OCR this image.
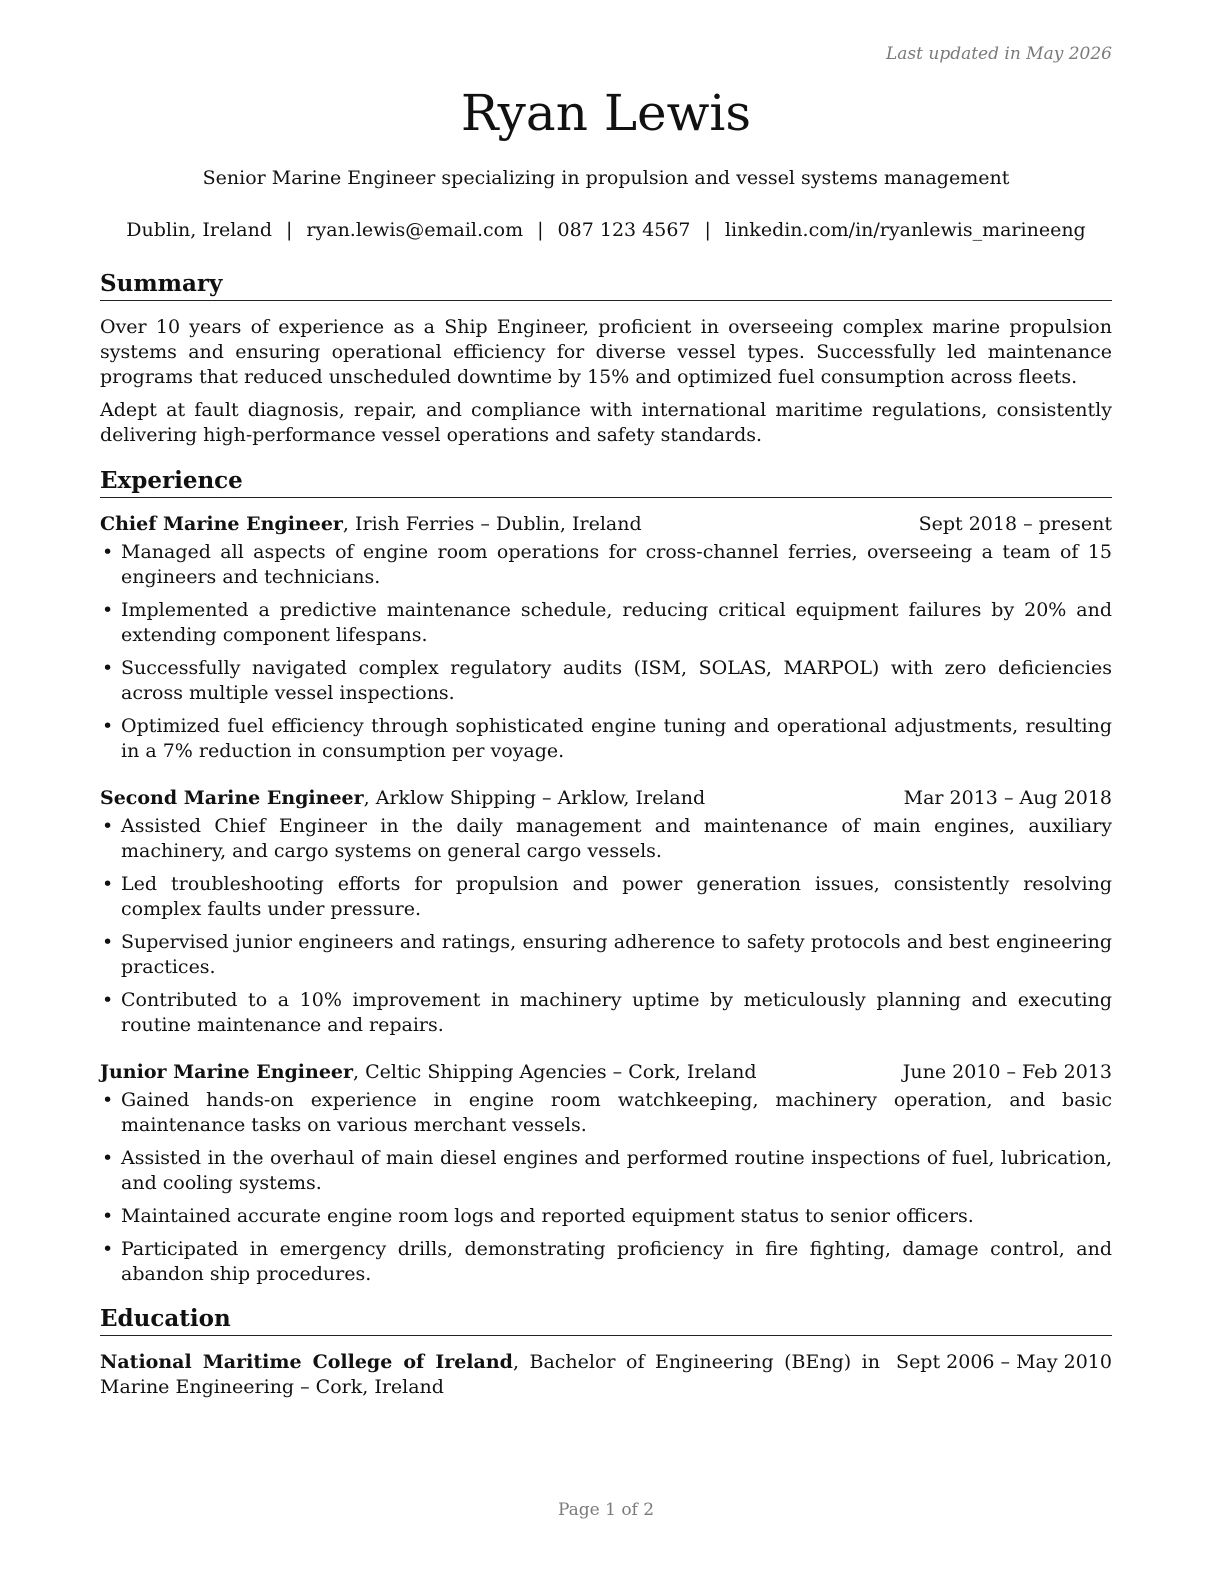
Last updated in May 2026
Ryan Lewis
Senior Marine Engineer specializing in propulsion and vessel systems management
Dublin, Ireland | ryan.lewis@email.com | 087 123 4567 | linkedin.com/in/ryanlewis_marineeng
Summary

Over 10 years of experience as a Ship Engineer, proficient in overseeing complex marine propulsion systems and ensuring operational efficiency for diverse vessel types. Successfully led maintenance programs that reduced unscheduled downtime by 15% and optimized fuel consumption across fleets.

Adept at fault diagnosis, repair, and compliance with international maritime regulations, consistently delivering high-performance vessel operations and safety standards.

Experience
Chief Marine Engineer, Irish Ferries – Dublin, Ireland	Sept 2018 – present
• Managed all aspects of engine room operations for cross-channel ferries, overseeing a team of 15 engineers and technicians.
• Implemented a predictive maintenance schedule, reducing critical equipment failures by 20% and extending component lifespans.
• Successfully navigated complex regulatory audits (ISM, SOLAS, MARPOL) with zero deficiencies across multiple vessel inspections.
• Optimized fuel efficiency through sophisticated engine tuning and operational adjustments, resulting in a 7% reduction in consumption per voyage.
Second Marine Engineer, Arklow Shipping – Arklow, Ireland	Mar 2013 – Aug 2018
• Assisted Chief Engineer in the daily management and maintenance of main engines, auxiliary machinery, and cargo systems on general cargo vessels.
• Led troubleshooting efforts for propulsion and power generation issues, consistently resolving complex faults under pressure.
• Supervised junior engineers and ratings, ensuring adherence to safety protocols and best engineering practices.
• Contributed to a 10% improvement in machinery uptime by meticulously planning and executing routine maintenance and repairs.
Junior Marine Engineer, Celtic Shipping Agencies – Cork, Ireland	June 2010 – Feb 2013
• Gained hands-on experience in engine room watchkeeping, machinery operation, and basic maintenance tasks on various merchant vessels.
• Assisted in the overhaul of main diesel engines and performed routine inspections of fuel, lubrication, and cooling systems.
• Maintained accurate engine room logs and reported equipment status to senior officers.
• Participated in emergency drills, demonstrating proficiency in fire fighting, damage control, and abandon ship procedures.
Education
National Maritime College of Ireland, Bachelor of Engineering (BEng) in Marine Engineering – Cork, Ireland
Sept 2006 – May 2010
Page 1 of 2
